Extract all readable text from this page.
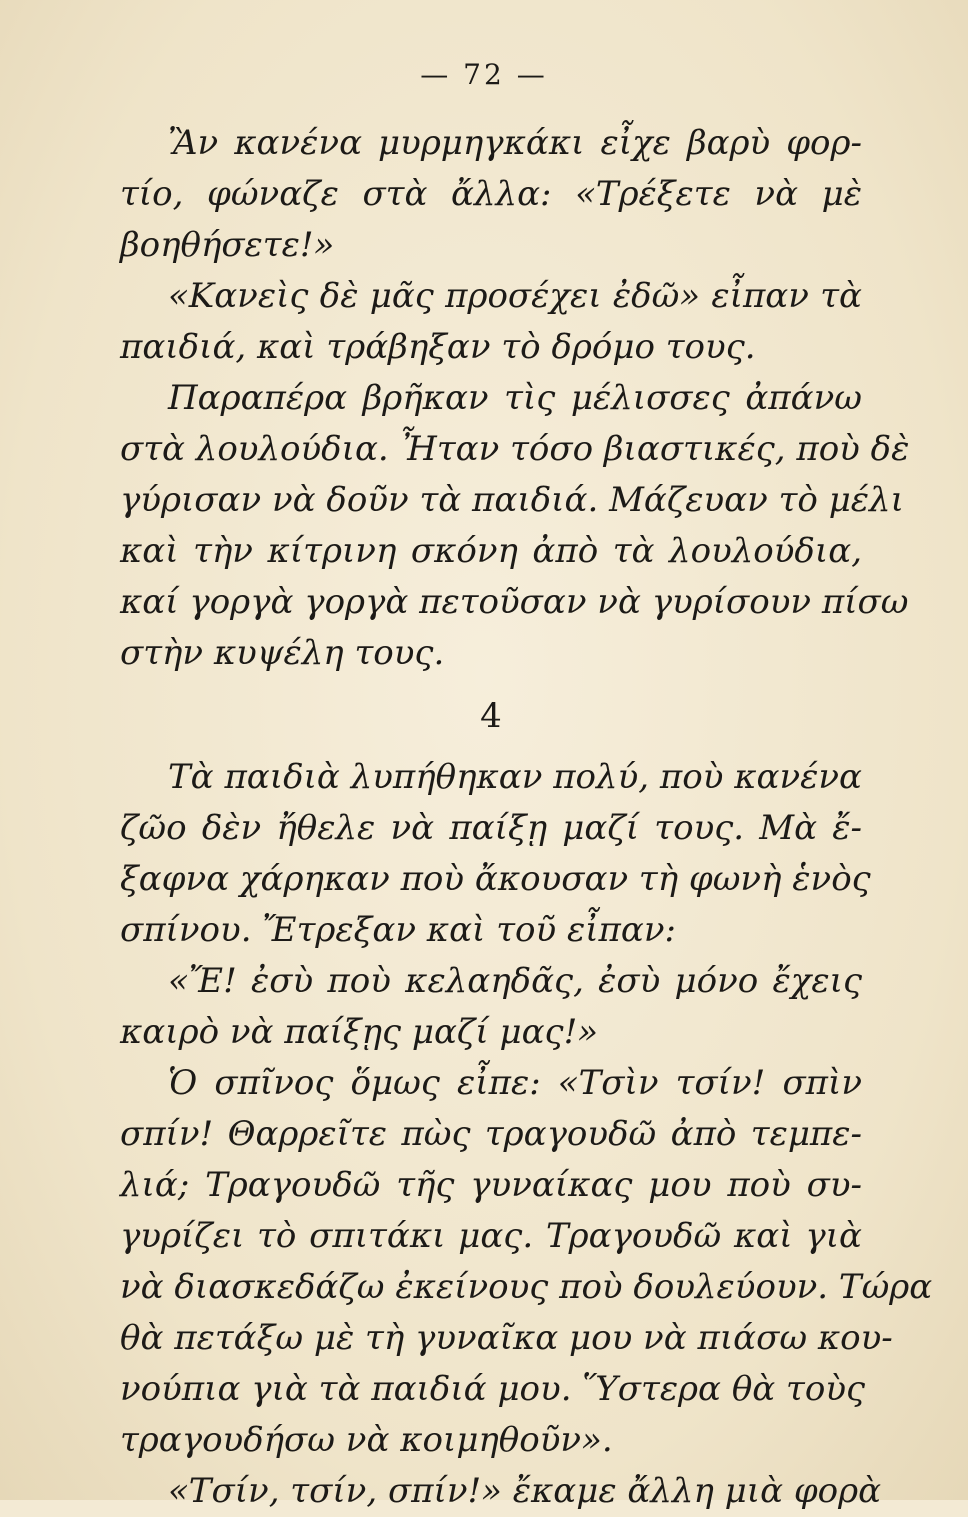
— 72 —

Ἂν κανένα μυρμηγκάκι εἶχε βαρὺ φορ-
τίο, φώναζε στὰ ἄλλα: «Τρέξετε νὰ μὲ
βοηθήσετε!»

«Κανεὶς δὲ μᾶς προσέχει ἐδῶ» εἶπαν τὰ
παιδιά, καὶ τράβηξαν τὸ δρόμο τους.

Παραπέρα βρῆκαν τὶς μέλισσες ἀπάνω
στὰ λουλούδια. Ἦταν τόσο βιαστικές, ποὺ δὲ
γύρισαν νὰ δοῦν τὰ παιδιά. Μάζευαν τὸ μέλι
καὶ τὴν κίτρινη σκόνη ἀπὸ τὰ λουλούδια,
καί γοργὰ γοργὰ πετοῦσαν νὰ γυρίσουν πίσω
στὴν κυψέλη τους.

4

Τὰ παιδιὰ λυπήθηκαν πολύ, ποὺ κανένα
ζῶο δὲν ἤθελε νὰ παίξῃ μαζί τους. Μὰ ἔ-
ξαφνα χάρηκαν ποὺ ἄκουσαν τὴ φωνὴ ἑνὸς
σπίνου. Ἔτρεξαν καὶ τοῦ εἶπαν:

«Ἔ! ἐσὺ ποὺ κελαηδᾶς, ἐσὺ μόνο ἔχεις
καιρὸ νὰ παίξῃς μαζί μας!»

Ὁ σπῖνος ὅμως εἶπε: «Τσὶν τσίν! σπὶν
σπίν! Θαρρεῖτε πὼς τραγουδῶ ἀπὸ τεμπε-
λιά; Τραγουδῶ τῆς γυναίκας μου ποὺ συ-
γυρίζει τὸ σπιτάκι μας. Τραγουδῶ καὶ γιὰ
νὰ διασκεδάζω ἐκείνους ποὺ δουλεύουν. Τώρα
θὰ πετάξω μὲ τὴ γυναῖκα μου νὰ πιάσω κου-
νούπια γιὰ τὰ παιδιά μου. Ὕστερα θὰ τοὺς
τραγουδήσω νὰ κοιμηθοῦν».

«Τσίν, τσίν, σπίν!» ἔκαμε ἄλλη μιὰ φορὰ
